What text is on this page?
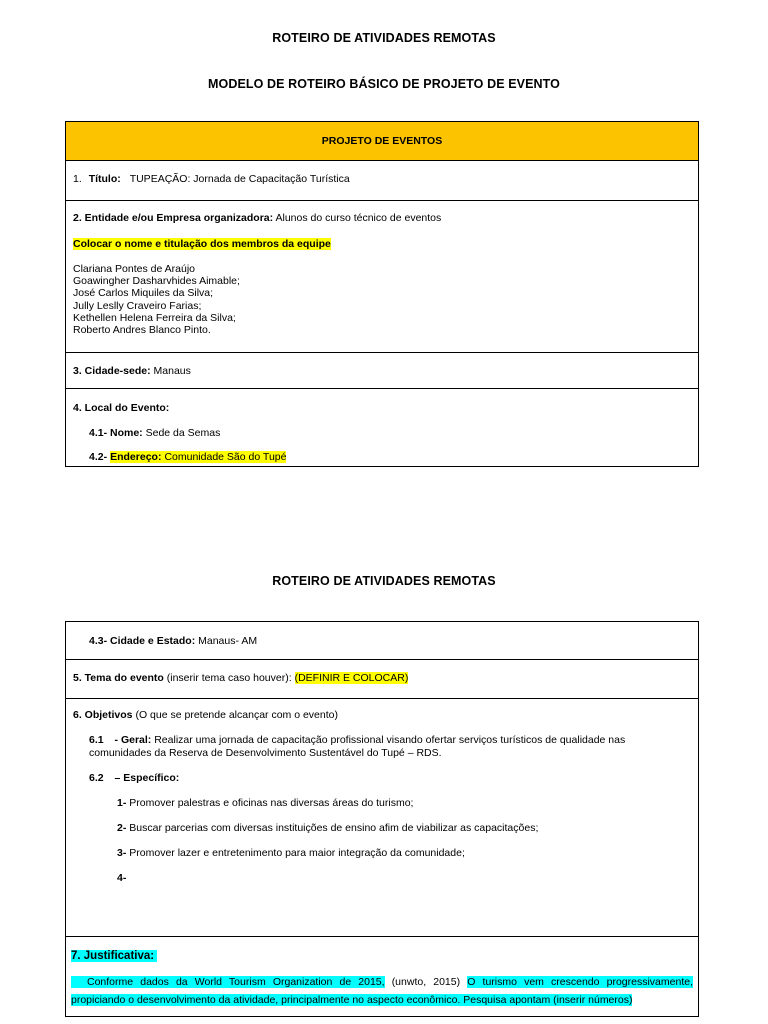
ROTEIRO DE ATIVIDADES REMOTAS
MODELO DE ROTEIRO BÁSICO DE PROJETO DE EVENTO
PROJETO DE EVENTOS
1. Título: TUPEAÇÃO: Jornada de Capacitação Turística
2. Entidade e/ou Empresa organizadora: Alunos do curso técnico de eventos
Colocar o nome e titulação dos membros da equipe
Clariana Pontes de Araújo
Goawingher Dasharvhides Aimable;
José Carlos Miquiles da Silva;
Jully Leslly Craveiro Farias;
Kethellen Helena Ferreira da Silva;
Roberto Andres Blanco Pinto.
3. Cidade-sede: Manaus
4. Local do Evento:
4.1- Nome: Sede da Semas
4.2- Endereço: Comunidade São do Tupé
ROTEIRO DE ATIVIDADES REMOTAS
4.3- Cidade e Estado: Manaus- AM
5. Tema do evento (inserir tema caso houver): (DEFINIR E COLOCAR)
6. Objetivos (O que se pretende alcançar com o evento)
6.1 - Geral: Realizar uma jornada de capacitação profissional visando ofertar serviços turísticos de qualidade nas
comunidades da Reserva de Desenvolvimento Sustentável do Tupé – RDS.
6.2 – Específico:
1- Promover palestras e oficinas nas diversas áreas do turismo;
2- Buscar parcerias com diversas instituições de ensino afim de viabilizar as capacitações;
3- Promover lazer e entretenimento para maior integração da comunidade;
4-
7. Justificativa:
Conforme dados da World Tourism Organization de 2015, (unwto, 2015) O turismo vem crescendo progressivamente,
propiciando o desenvolvimento da atividade, principalmente no aspecto econômico. Pesquisa apontam (inserir números)
